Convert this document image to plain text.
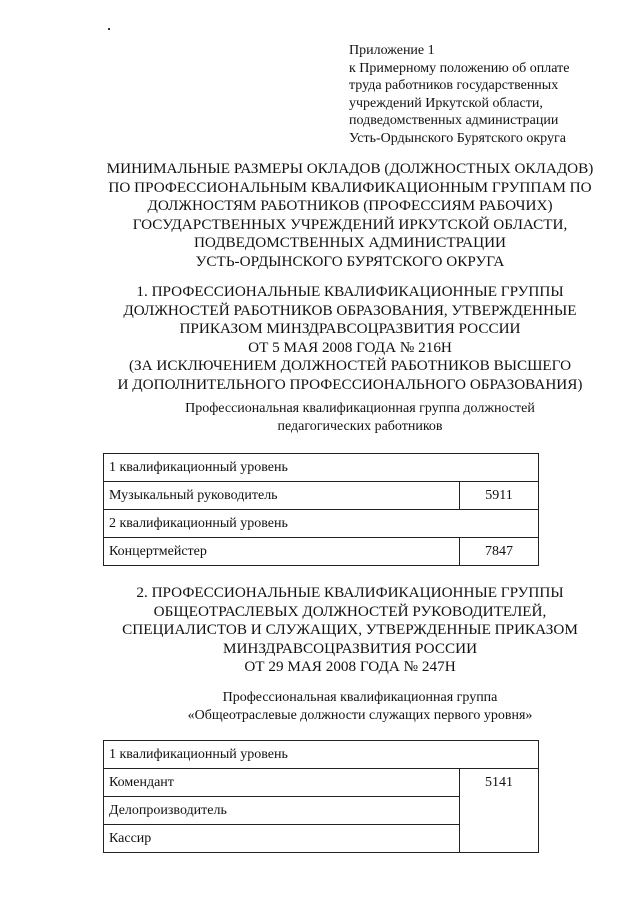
Приложение 1
к Примерному положению об оплате
труда работников государственных
учреждений Иркутской области,
подведомственных администрации
Усть-Ордынского Бурятского округа
МИНИМАЛЬНЫЕ РАЗМЕРЫ ОКЛАДОВ (ДОЛЖНОСТНЫХ ОКЛАДОВ)
ПО ПРОФЕССИОНАЛЬНЫМ КВАЛИФИКАЦИОННЫМ ГРУППАМ ПО
ДОЛЖНОСТЯМ РАБОТНИКОВ (ПРОФЕССИЯМ РАБОЧИХ)
ГОСУДАРСТВЕННЫХ УЧРЕЖДЕНИЙ ИРКУТСКОЙ ОБЛАСТИ,
ПОДВЕДОМСТВЕННЫХ АДМИНИСТРАЦИИ
УСТЬ-ОРДЫНСКОГО БУРЯТСКОГО ОКРУГА
1. ПРОФЕССИОНАЛЬНЫЕ КВАЛИФИКАЦИОННЫЕ ГРУППЫ
ДОЛЖНОСТЕЙ РАБОТНИКОВ ОБРАЗОВАНИЯ, УТВЕРЖДЕННЫЕ
ПРИКАЗОМ МИНЗДРАВСОЦРАЗВИТИЯ РОССИИ
ОТ 5 МАЯ 2008 ГОДА № 216Н
(ЗА ИСКЛЮЧЕНИЕМ ДОЛЖНОСТЕЙ РАБОТНИКОВ ВЫСШЕГО
И ДОПОЛНИТЕЛЬНОГО ПРОФЕССИОНАЛЬНОГО ОБРАЗОВАНИЯ)
Профессиональная квалификационная группа должностей
педагогических работников
1 квалификационный уровень	
Музыкальный руководитель	5911
2 квалификационный уровень	
Концертмейстер	7847
2. ПРОФЕССИОНАЛЬНЫЕ КВАЛИФИКАЦИОННЫЕ ГРУППЫ
ОБЩЕОТРАСЛЕВЫХ ДОЛЖНОСТЕЙ РУКОВОДИТЕЛЕЙ,
СПЕЦИАЛИСТОВ И СЛУЖАЩИХ, УТВЕРЖДЕННЫЕ ПРИКАЗОМ
МИНЗДРАВСОЦРАЗВИТИЯ РОССИИ
ОТ 29 МАЯ 2008 ГОДА № 247Н
Профессиональная квалификационная группа
«Общеотраслевые должности служащих первого уровня»
1 квалификационный уровень
Комендант	5141
Делопроизводитель
Кассир
